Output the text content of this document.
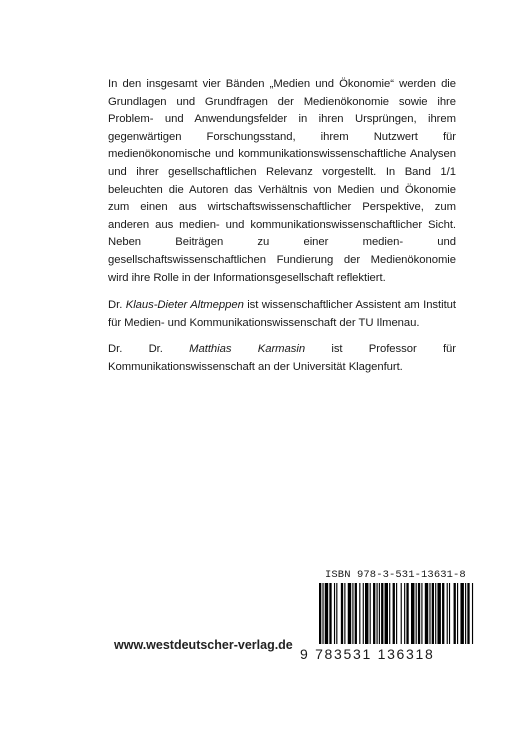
In den insgesamt vier Bänden „Medien und Ökonomie“ werden die Grundlagen und Grundfragen der Medienökonomie sowie ihre Problem- und Anwendungsfelder in ihren Ursprüngen, ihrem gegenwärtigen Forschungsstand, ihrem Nutzwert für medienökonomische und kommunikationswissenschaftliche Analysen und ihrer gesellschaftlichen Relevanz vorgestellt. In Band 1/1 beleuchten die Autoren das Verhältnis von Medien und Ökonomie zum einen aus wirtschaftswissenschaftlicher Perspektive, zum anderen aus medien- und kommunikationswissenschaftlicher Sicht. Neben Beiträgen zu einer medien- und gesellschaftswissenschaftlichen Fundierung der Medienökonomie wird ihre Rolle in der Informationsgesellschaft reflektiert.

Dr. Klaus-Dieter Altmeppen ist wissenschaftlicher Assistent am Institut für Medien- und Kommunikationswissenschaft der TU Ilmenau.

Dr. Dr. Matthias Karmasin ist Professor für Kommunikationswissenschaft an der Universität Klagenfurt.

ISBN 978-3-531-13631-8
9 783531 136318
www.westdeutscher-verlag.de
